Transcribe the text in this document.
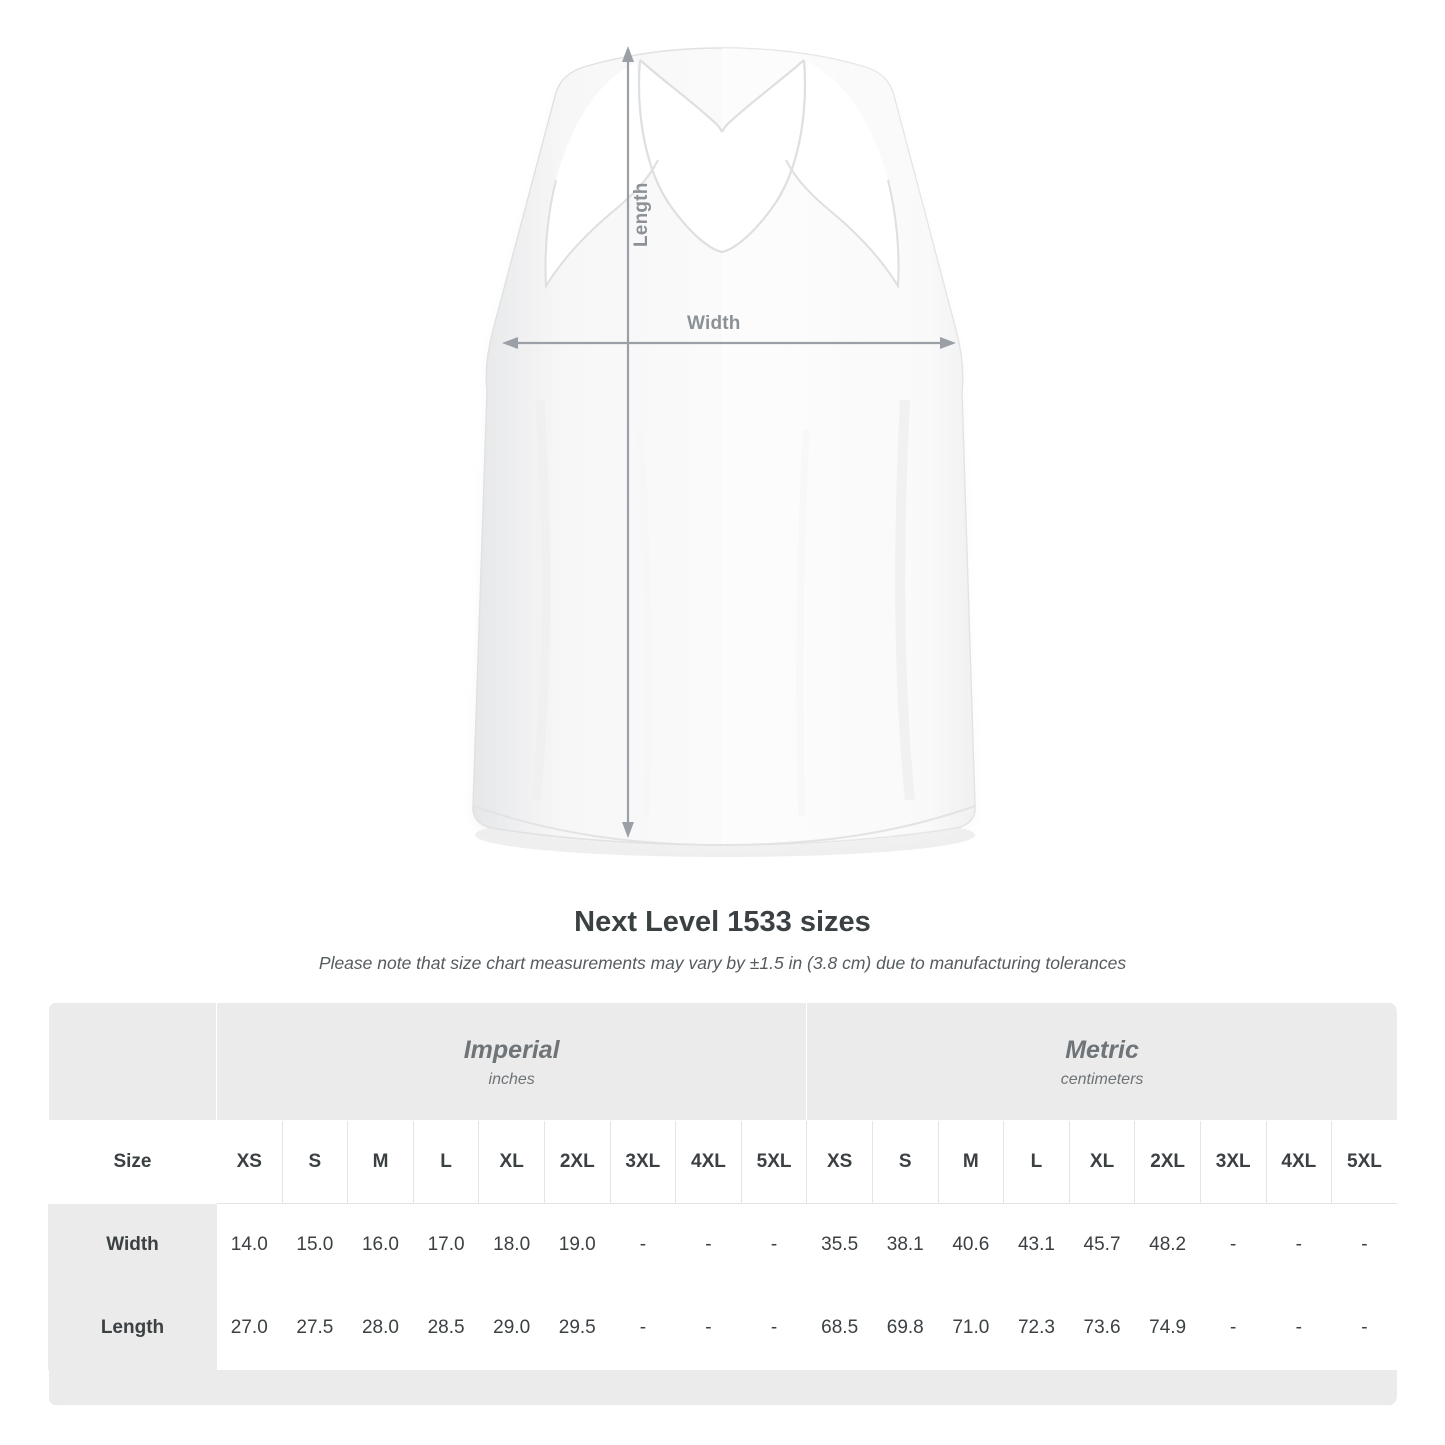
Length
Width
Next Level 1533 sizes
Please note that size chart measurements may vary by ±1.5 in (3.8 cm) due to manufacturing tolerances

Imperial
inches

Metric
centimeters

Size	XS	S	M	L	XL	2XL	3XL	4XL	5XL	XS	S	M	L	XL	2XL	3XL	4XL	5XL
Width	14.0	15.0	16.0	17.0	18.0	19.0	-	-	-	35.5	38.1	40.6	43.1	45.7	48.2	-	-	-
Length	27.0	27.5	28.0	28.5	29.0	29.5	-	-	-	68.5	69.8	71.0	72.3	73.6	74.9	-	-	-
